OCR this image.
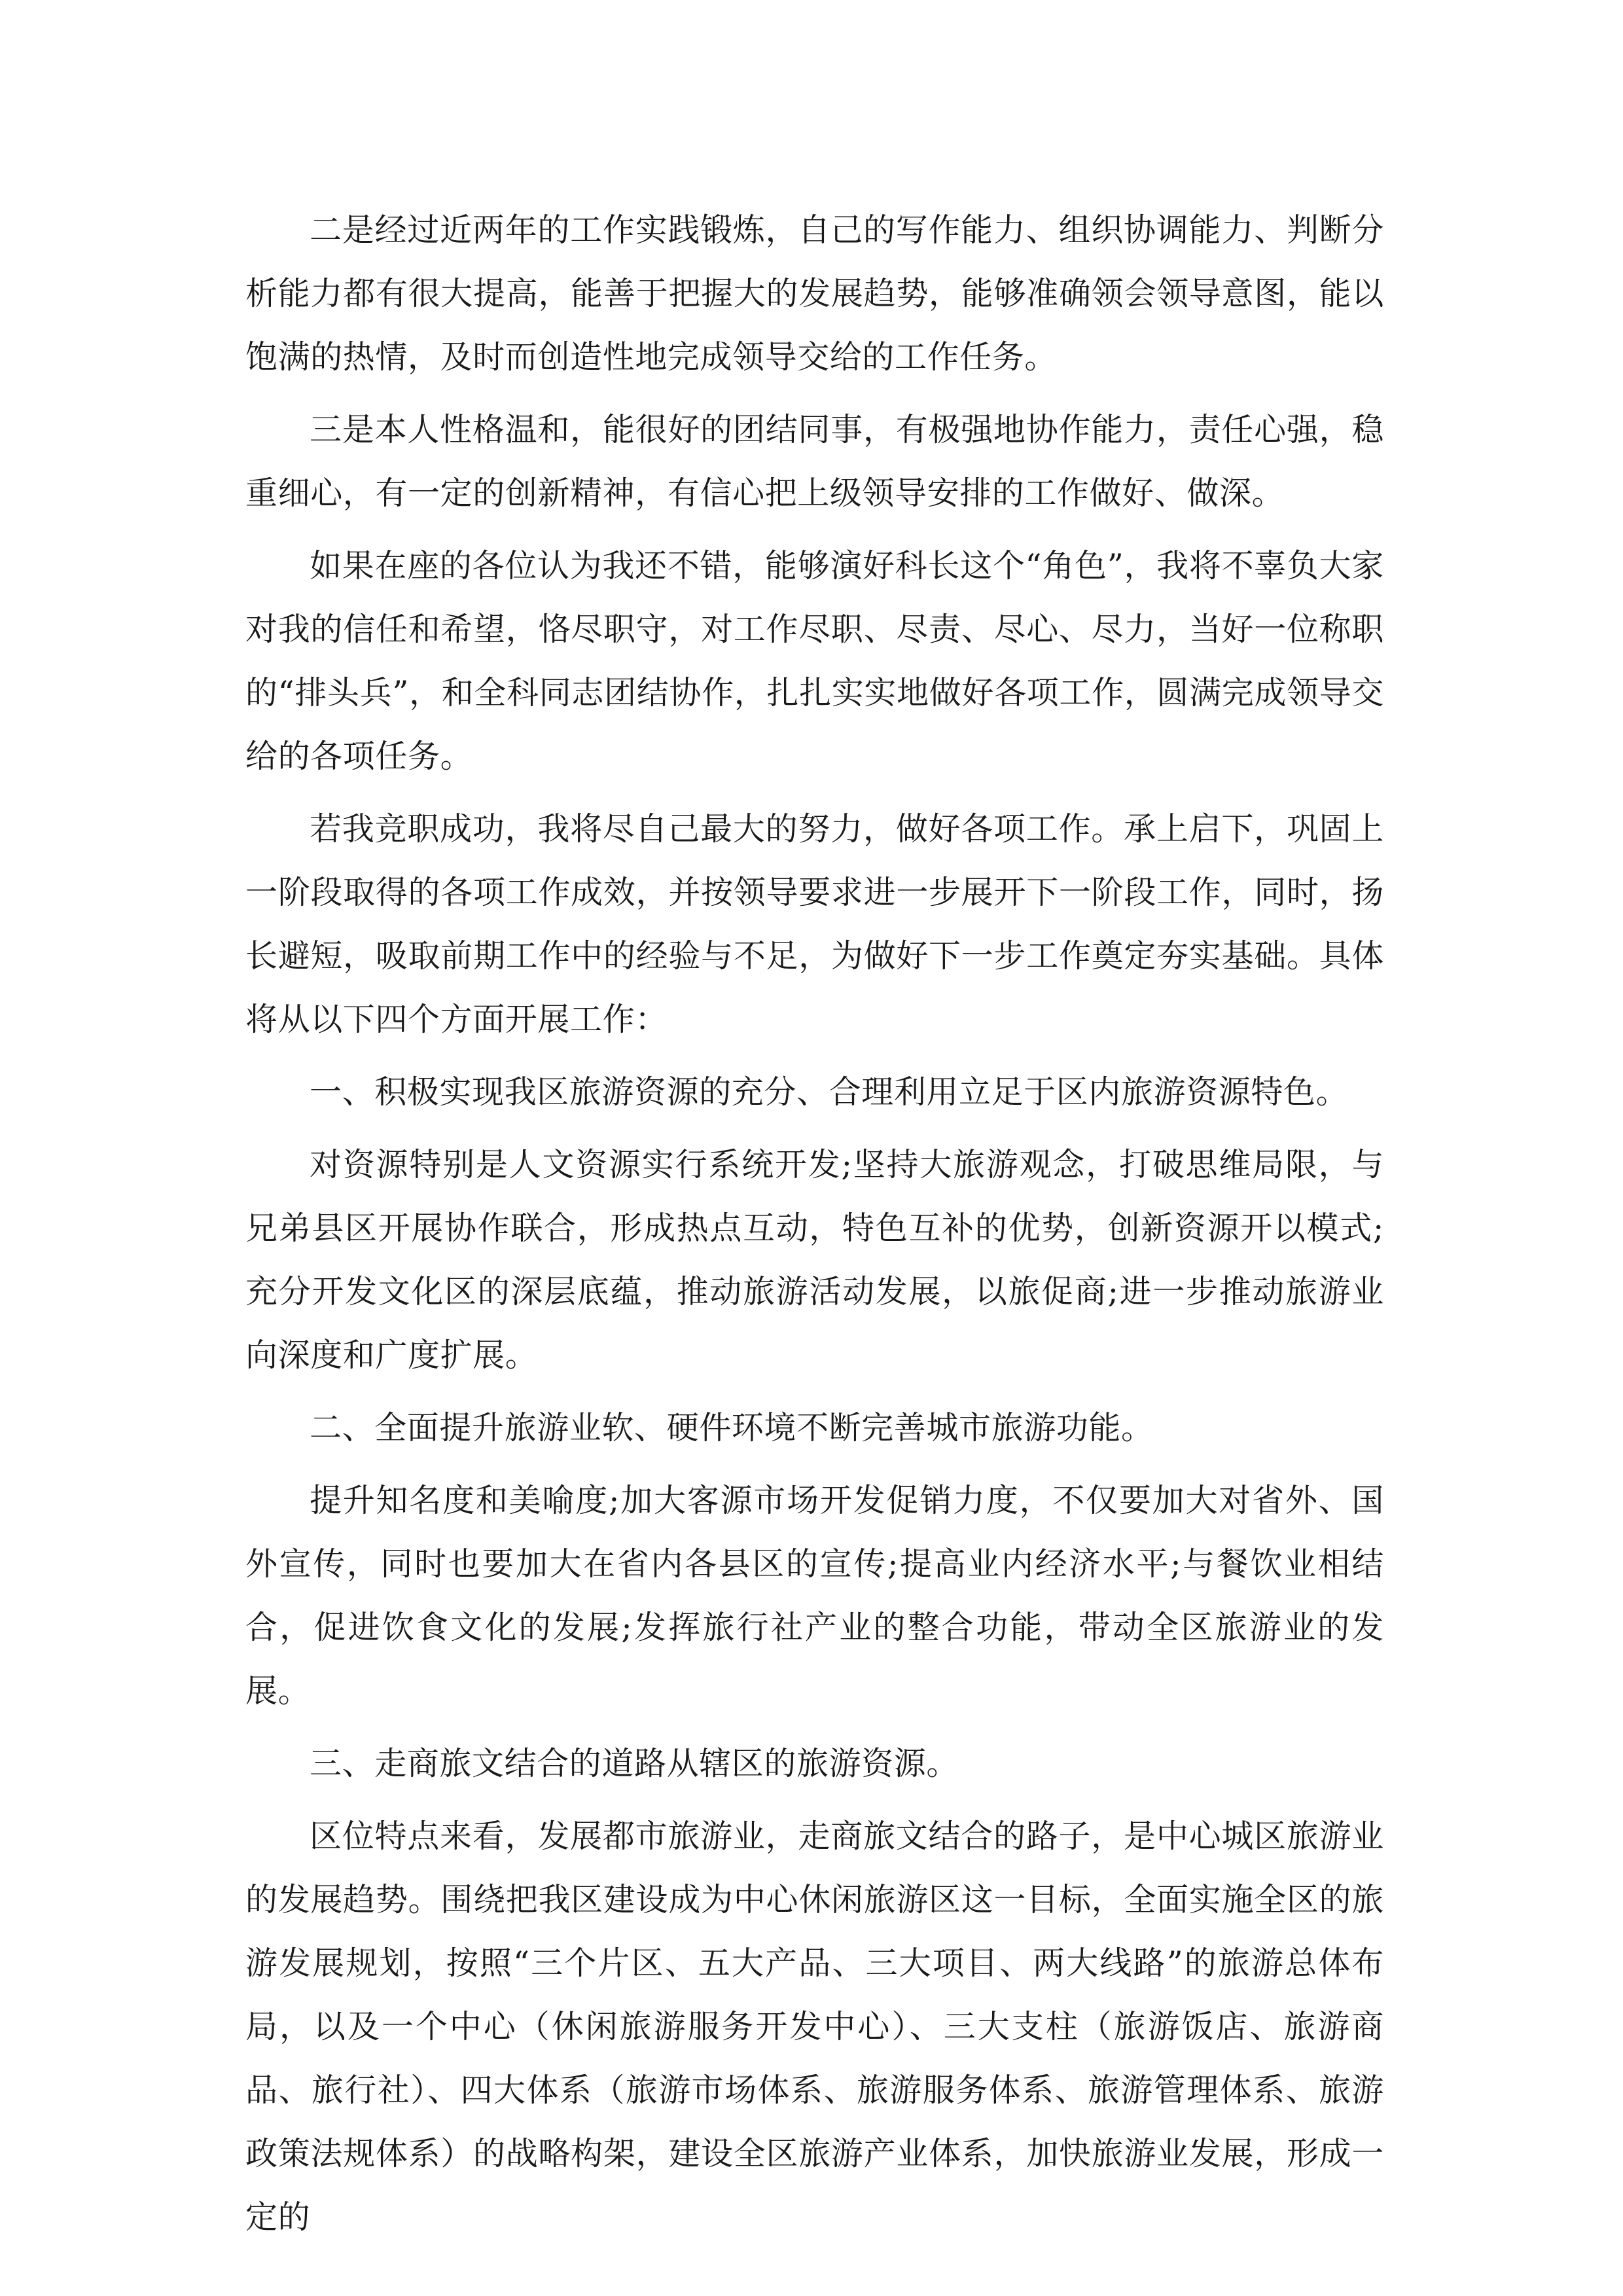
二是经过近两年的工作实践锻炼，自己的写作能力、组织协调能力、判断分析能力都有很大提高，能善于把握大的发展趋势，能够准确领会领导意图，能以饱满的热情，及时而创造性地完成领导交给的工作任务。

三是本人性格温和，能很好的团结同事，有极强地协作能力，责任心强，稳重细心，有一定的创新精神，有信心把上级领导安排的工作做好、做深。

如果在座的各位认为我还不错，能够演好科长这个“角色”，我将不辜负大家对我的信任和希望，恪尽职守，对工作尽职、尽责、尽心、尽力，当好一位称职的“排头兵”，和全科同志团结协作，扎扎实实地做好各项工作，圆满完成领导交给的各项任务。

若我竞职成功，我将尽自己最大的努力，做好各项工作。承上启下，巩固上一阶段取得的各项工作成效，并按领导要求进一步展开下一阶段工作，同时，扬长避短，吸取前期工作中的经验与不足，为做好下一步工作奠定夯实基础。具体将从以下四个方面开展工作：

一、积极实现我区旅游资源的充分、合理利用立足于区内旅游资源特色。

对资源特别是人文资源实行系统开发;坚持大旅游观念，打破思维局限，与兄弟县区开展协作联合，形成热点互动，特色互补的优势，创新资源开以模式;充分开发文化区的深层底蕴，推动旅游活动发展，以旅促商;进一步推动旅游业向深度和广度扩展。

二、全面提升旅游业软、硬件环境不断完善城市旅游功能。

提升知名度和美喻度;加大客源市场开发促销力度，不仅要加大对省外、国外宣传，同时也要加大在省内各县区的宣传;提高业内经济水平;与餐饮业相结合，促进饮食文化的发展;发挥旅行社产业的整合功能，带动全区旅游业的发展。

三、走商旅文结合的道路从辖区的旅游资源。

区位特点来看，发展都市旅游业，走商旅文结合的路子，是中心城区旅游业的发展趋势。围绕把我区建设成为中心休闲旅游区这一目标，全面实施全区的旅游发展规划，按照“三个片区、五大产品、三大项目、两大线路”的旅游总体布局，以及一个中心（休闲旅游服务开发中心）、三大支柱（旅游饭店、旅游商品、旅行社）、四大体系（旅游市场体系、旅游服务体系、旅游管理体系、旅游政策法规体系）的战略构架，建设全区旅游产业体系，加快旅游业发展，形成一定的
